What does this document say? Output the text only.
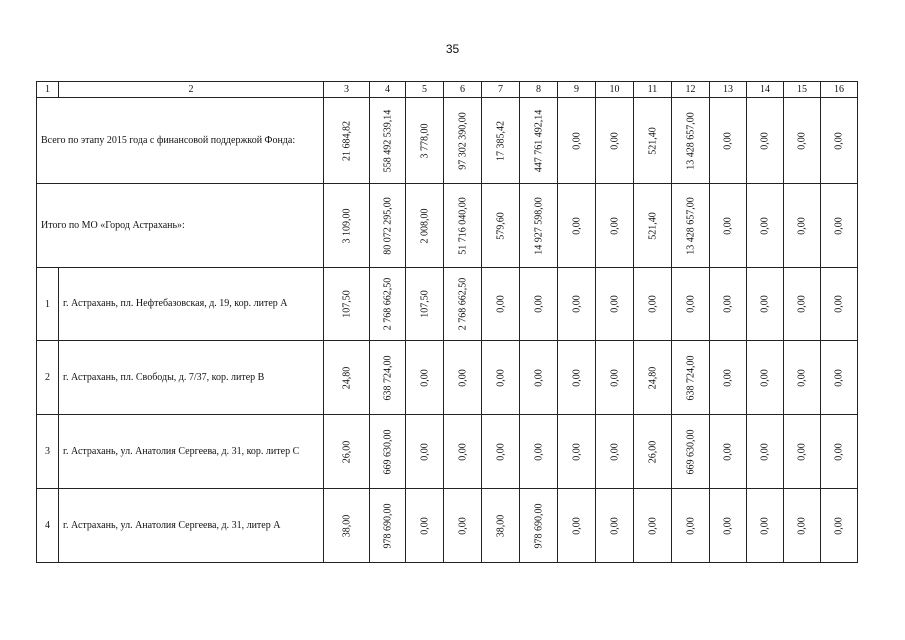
35
1	2	3	4	5	6	7	8	9	10	11	12	13	14	15	16
Всего по этапу 2015 года с финансовой поддержкой Фонда:		21 684,82	558 492 539,14	3 778,00	97 302 390,00	17 385,42	447 761 492,14	0,00	0,00	521,40	13 428 657,00	0,00	0,00	0,00	0,00

Итого по МО «Город Астрахань»:		3 109,00	80 072 295,00	2 008,00	51 716 040,00	579,60	14 927 598,00	0,00	0,00	521,40	13 428 657,00	0,00	0,00	0,00	0,00

1	г. Астрахань, пл. Нефтебазовская, д. 19, кор. литер А	107,50	2 768 662,50	107,50	2 768 662,50	0,00	0,00	0,00	0,00	0,00	0,00	0,00	0,00	0,00	0,00

2	г. Астрахань, пл. Свободы, д. 7/37, кор. литер В	24,80	638 724,00	0,00	0,00	0,00	0,00	0,00	0,00	24,80	638 724,00	0,00	0,00	0,00	0,00

3	г. Астрахань, ул. Анатолия Сергеева, д. 31, кор. литер С	26,00	669 630,00	0,00	0,00	0,00	0,00	0,00	0,00	26,00	669 630,00	0,00	0,00	0,00	0,00

4	г. Астрахань, ул. Анатолия Сергеева, д. 31, литер А	38,00	978 690,00	0,00	0,00	38,00	978 690,00	0,00	0,00	0,00	0,00	0,00	0,00	0,00	0,00
